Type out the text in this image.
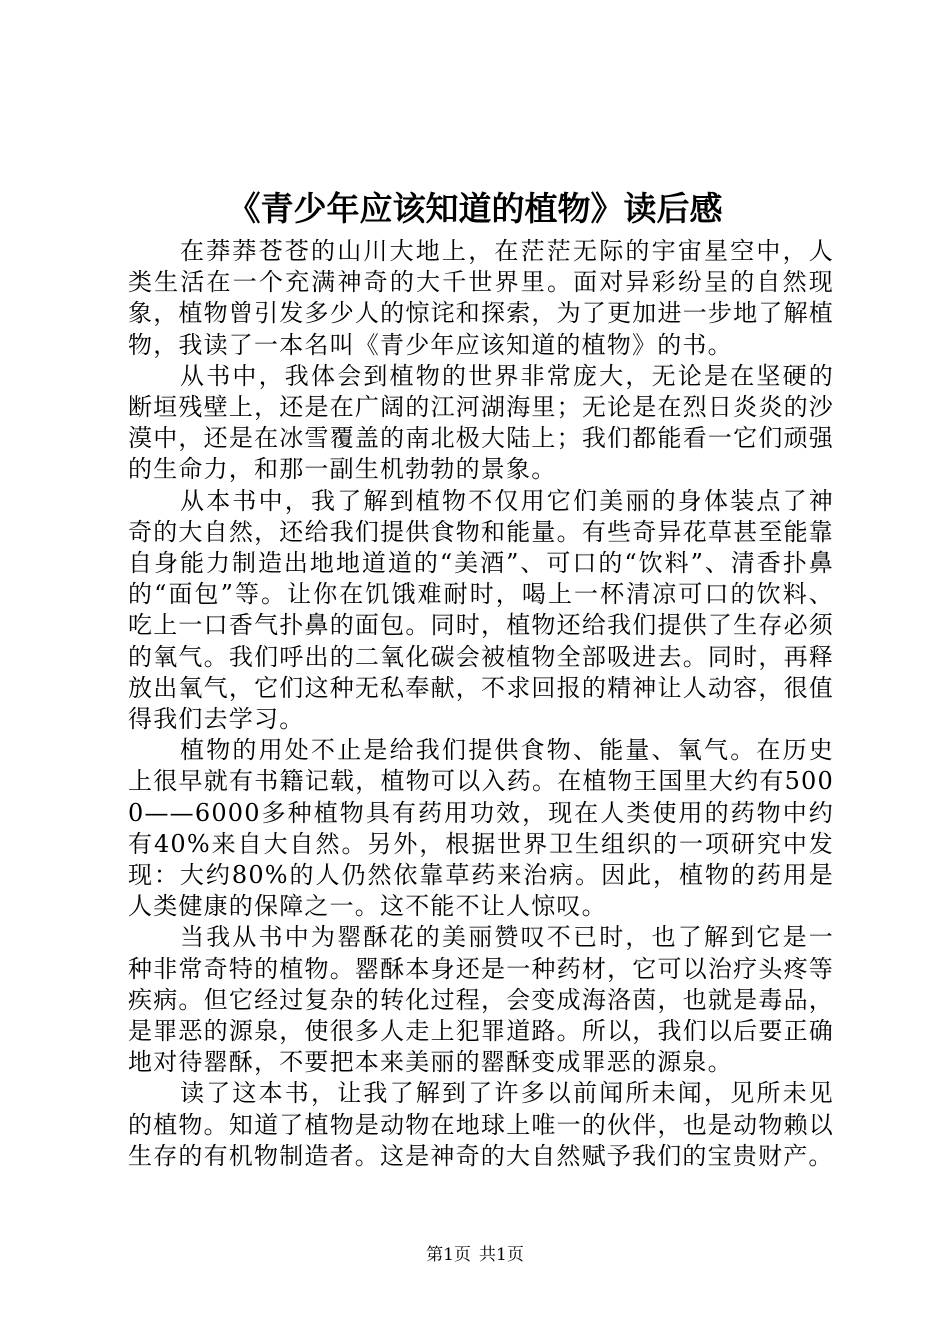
《青少年应该知道的植物》读后感

在莽莽苍苍的山川大地上，在茫茫无际的宇宙星空中，人类生活在一个充满神奇的大千世界里。面对异彩纷呈的自然现象，植物曾引发多少人的惊诧和探索，为了更加进一步地了解植物，我读了一本名叫《青少年应该知道的植物》的书。

从书中，我体会到植物的世界非常庞大，无论是在坚硬的断垣残壁上，还是在广阔的江河湖海里；无论是在烈日炎炎的沙漠中，还是在冰雪覆盖的南北极大陆上；我们都能看一它们顽强的生命力，和那一副生机勃勃的景象。

从本书中，我了解到植物不仅用它们美丽的身体装点了神奇的大自然，还给我们提供食物和能量。有些奇异花草甚至能靠自身能力制造出地地道道的“美酒”、可口的“饮料”、清香扑鼻的“面包”等。让你在饥饿难耐时，喝上一杯清凉可口的饮料、吃上一口香气扑鼻的面包。同时，植物还给我们提供了生存必须的氧气。我们呼出的二氧化碳会被植物全部吸进去。同时，再释放出氧气，它们这种无私奉献，不求回报的精神让人动容，很值得我们去学习。

植物的用处不止是给我们提供食物、能量、氧气。在历史上很早就有书籍记载，植物可以入药。在植物王国里大约有5000——6000多种植物具有药用功效，现在人类使用的药物中约有40%来自大自然。另外，根据世界卫生组织的一项研究中发现：大约80%的人仍然依靠草药来治病。因此，植物的药用是人类健康的保障之一。这不能不让人惊叹。

当我从书中为罂酥花的美丽赞叹不已时，也了解到它是一种非常奇特的植物。罂酥本身还是一种药材，它可以治疗头疼等疾病。但它经过复杂的转化过程，会变成海洛茵，也就是毒品，是罪恶的源泉，使很多人走上犯罪道路。所以，我们以后要正确地对待罂酥，不要把本来美丽的罂酥变成罪恶的源泉。

读了这本书，让我了解到了许多以前闻所未闻，见所未见的植物。知道了植物是动物在地球上唯一的伙伴，也是动物赖以生存的有机物制造者。这是神奇的大自然赋予我们的宝贵财产。

第1页 共1页
